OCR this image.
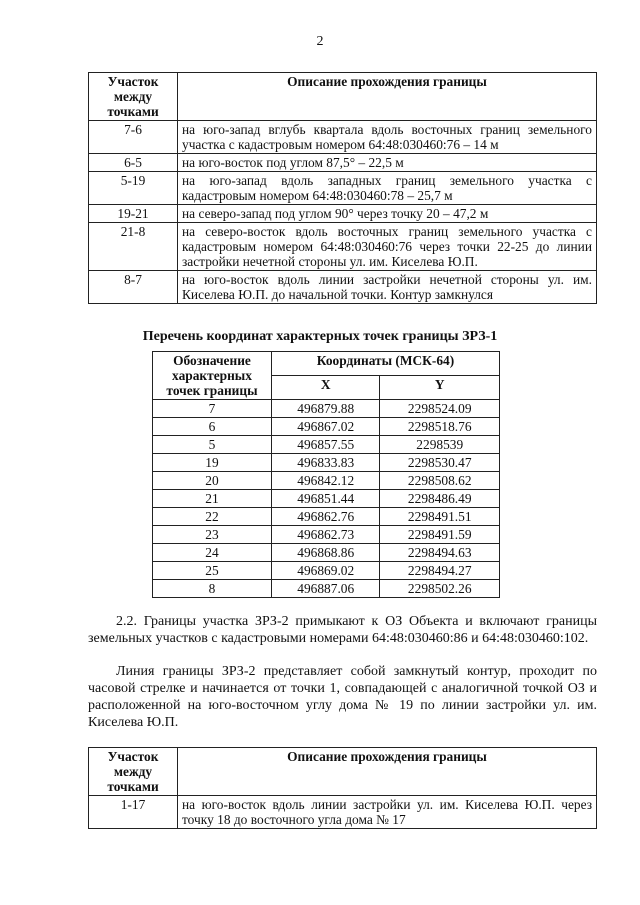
2
Участок между точками	Описание прохождения границы
7-6	на юго-запад вглубь квартала вдоль восточных границ земельного участка с кадастровым номером 64:48:030460:76 – 14 м
6-5	на юго-восток под углом 87,5° – 22,5 м
5-19	на юго-запад вдоль западных границ земельного участка с кадастровым номером 64:48:030460:78 – 25,7 м
19-21	на северо-запад под углом 90° через точку 20 – 47,2 м
21-8	на северо-восток вдоль восточных границ земельного участка с кадастровым номером 64:48:030460:76 через точки 22-25 до линии застройки нечетной стороны ул. им. Киселева Ю.П.
8-7	на юго-восток вдоль линии застройки нечетной стороны ул. им. Киселева Ю.П. до начальной точки. Контур замкнулся
Перечень координат характерных точек границы ЗРЗ-1
Обозначение характерных точек границы	Координаты (МСК-64)	
	X	Y
7	496879.88	2298524.09
6	496867.02	2298518.76
5	496857.55	2298539
19	496833.83	2298530.47
20	496842.12	2298508.62
21	496851.44	2298486.49
22	496862.76	2298491.51
23	496862.73	2298491.59
24	496868.86	2298494.63
25	496869.02	2298494.27
8	496887.06	2298502.26

2.2. Границы участка ЗРЗ-2 примыкают к ОЗ Объекта и включают границы земельных участков с кадастровыми номерами 64:48:030460:86 и 64:48:030460:102.

Линия границы ЗРЗ-2 представляет собой замкнутый контур, проходит по часовой стрелке и начинается от точки 1, совпадающей с аналогичной точкой ОЗ и расположенной на юго-восточном углу дома № 19 по линии застройки ул. им. Киселева Ю.П.

Участок между точками	Описание прохождения границы
1-17	на юго-восток вдоль линии застройки ул. им. Киселева Ю.П. через точку 18 до восточного угла дома № 17
